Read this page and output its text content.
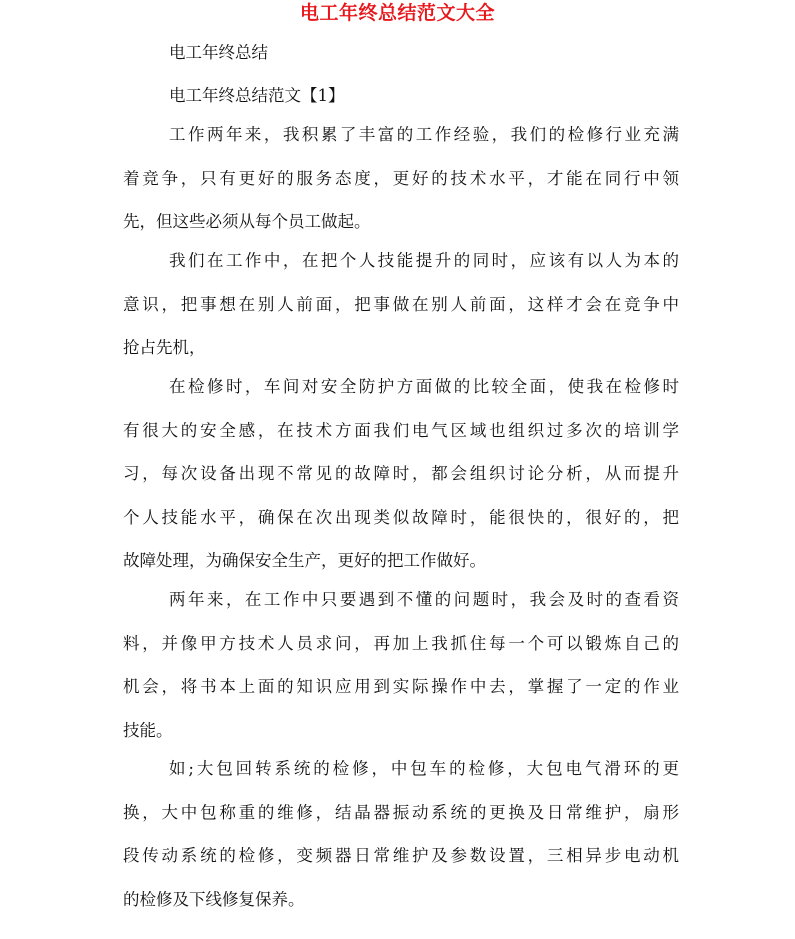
电工年终总结范文大全
电工年终总结
电工年终总结范文【1】
工作两年来，我积累了丰富的工作经验，我们的检修行业充满
着竞争，只有更好的服务态度，更好的技术水平，才能在同行中领
先，但这些必须从每个员工做起。
我们在工作中，在把个人技能提升的同时，应该有以人为本的
意识，把事想在别人前面，把事做在别人前面，这样才会在竞争中
抢占先机，
在检修时，车间对安全防护方面做的比较全面，使我在检修时
有很大的安全感，在技术方面我们电气区域也组织过多次的培训学
习，每次设备出现不常见的故障时，都会组织讨论分析，从而提升
个人技能水平，确保在次出现类似故障时，能很快的，很好的，把
故障处理，为确保安全生产，更好的把工作做好。
两年来，在工作中只要遇到不懂的问题时，我会及时的查看资
料，并像甲方技术人员求问，再加上我抓住每一个可以锻炼自己的
机会，将书本上面的知识应用到实际操作中去，掌握了一定的作业
技能。
如;大包回转系统的检修，中包车的检修，大包电气滑环的更
换，大中包称重的维修，结晶器振动系统的更换及日常维护，扇形
段传动系统的检修，变频器日常维护及参数设置，三相异步电动机
的检修及下线修复保养。
